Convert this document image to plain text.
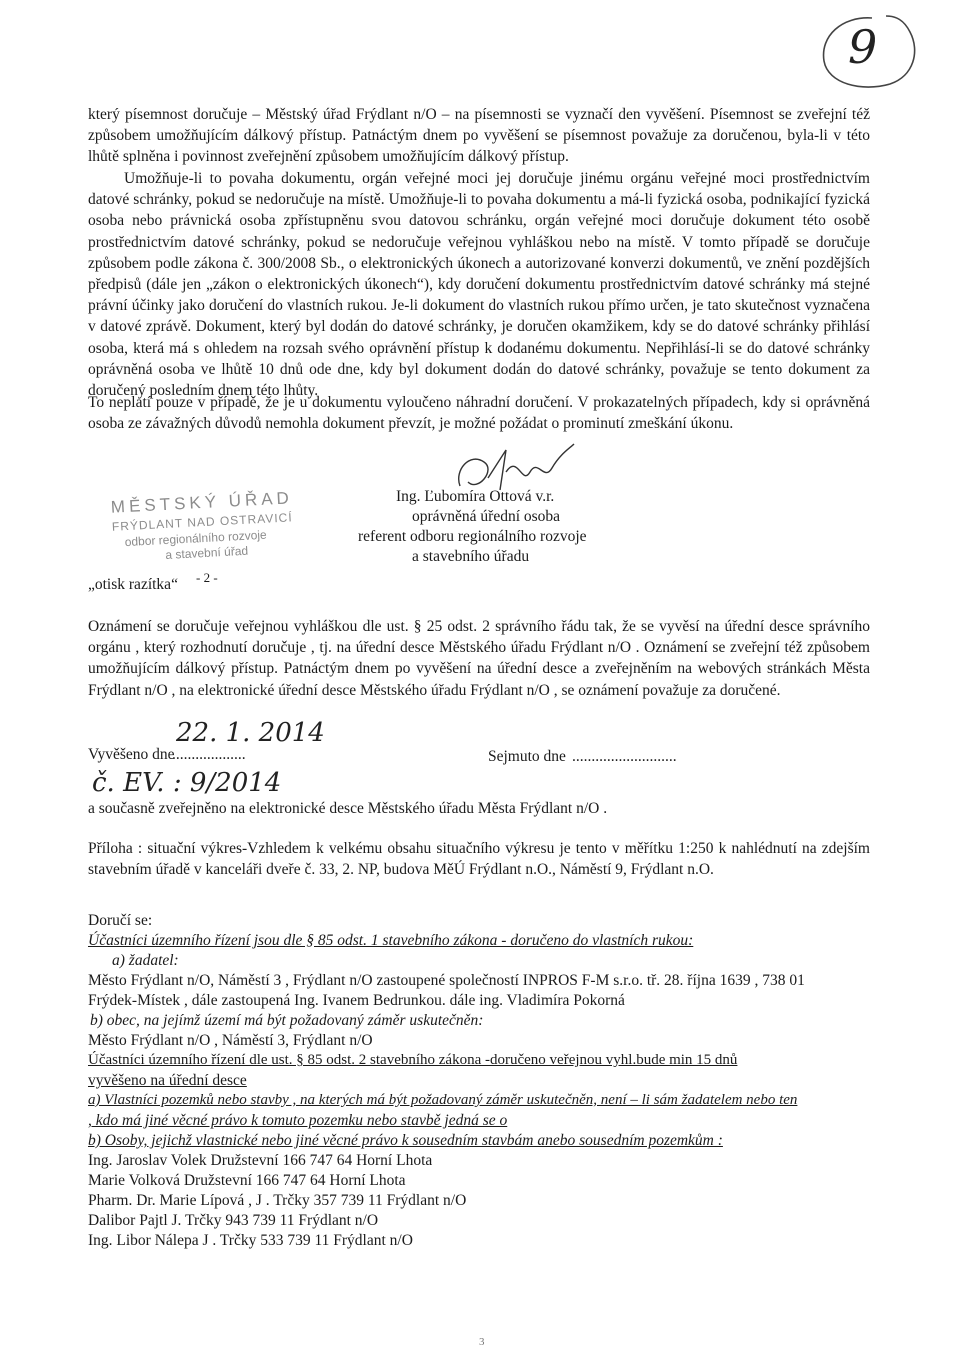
9

který písemnost doručuje – Městský úřad Frýdlant n/O – na písemnosti se vyznačí den vyvěšení. Písemnost se zveřejní též způsobem umožňujícím dálkový přístup. Patnáctým dnem po vyvěšení se písemnost považuje za doručenou, byla-li v této lhůtě splněna i povinnost zveřejnění způsobem umožňujícím dálkový přístup.

Umožňuje-li to povaha dokumentu, orgán veřejné moci jej doručuje jinému orgánu veřejné moci prostřednictvím datové schránky, pokud se nedoručuje na místě. Umožňuje-li to povaha dokumentu a má-li fyzická osoba, podnikající fyzická osoba nebo právnická osoba zpřístupněnu svou datovou schránku, orgán veřejné moci doručuje dokument této osobě prostřednictvím datové schránky, pokud se nedoručuje veřejnou vyhláškou nebo na místě. V tomto případě se doručuje způsobem podle zákona č. 300/2008 Sb., o elektronických úkonech a autorizované konverzi dokumentů, ve znění pozdějších předpisů (dále jen „zákon o elektronických úkonech“), kdy doručení dokumentu prostřednictvím datové schránky má stejné právní účinky jako doručení do vlastních rukou. Je-li dokument do vlastních rukou přímo určen, je tato skutečnost vyznačena v datové zprávě. Dokument, který byl dodán do datové schránky, je doručen okamžikem, kdy se do datové schránky přihlásí osoba, která má s ohledem na rozsah svého oprávnění přístup k dodanému dokumentu. Nepřihlásí-li se do datové schránky oprávněná osoba ve lhůtě 10 dnů ode dne, kdy byl dokument dodán do datové schránky, považuje se tento dokument za doručený posledním dnem této lhůty.

To neplatí pouze v případě, že je u dokumentu vyloučeno náhradní doručení. V prokazatelných případech, kdy si oprávněná osoba ze závažných důvodů nemohla dokument převzít, je možné požádat o prominutí zmeškání úkonu.

Ing. Ľubomíra Ottová v.r.
oprávněná úřední osoba
referent odboru regionálního rozvoje
a stavebního úřadu
MĚSTSKÝ ÚŘAD
FRÝDLANT NAD OSTRAVICÍ
odbor regionálního rozvoje
a stavební úřad
„otisk razítka“ - 2 -

Oznámení se doručuje veřejnou vyhláškou dle ust. § 25 odst. 2 správního řádu tak, že se vyvěsí na úřední desce správního orgánu , který rozhodnutí doručuje , tj. na úřední desce Městského úřadu Frýdlant n/O . Oznámení se zveřejní též způsobem umožňujícím dálkový přístup. Patnáctým dnem po vyvěšení na úřední desce a zveřejněním na webových stránkách Města Frýdlant n/O , na elektronické úřední desce Městského úřadu Frýdlant n/O , se oznámení považuje za doručené.

Vyvěšeno dne
...................
22. 1. 2014
Sejmuto dne ...........................
č. EV. : 9/2014
a současně zveřejněno na elektronické desce Městského úřadu Města Frýdlant n/O .

Příloha : situační výkres-Vzhledem k velkému obsahu situačního výkresu je tento v měřítku 1:250 k nahlédnutí na zdejším stavebním úřadě v kanceláři dveře č. 33, 2. NP, budova MěÚ Frýdlant n.O., Náměstí 9, Frýdlant n.O.

Doručí se:
Účastníci územního řízení jsou dle § 85 odst. 1 stavebního zákona - doručeno do vlastních rukou:
a) žadatel:
Město Frýdlant n/O, Náměstí 3 , Frýdlant n/O zastoupené společností INPROS F-M s.r.o. tř. 28. října 1639 , 738 01
Frýdek-Místek , dále zastoupená Ing. Ivanem Bedrunkou. dále ing. Vladimíra Pokorná
b) obec, na jejímž území má být požadovaný záměr uskutečněn:
Město Frýdlant n/O , Náměstí 3, Frýdlant n/O
Účastníci územního řízení dle ust. § 85 odst. 2 stavebního zákona -doručeno veřejnou vyhl.bude min 15 dnů
vyvěšeno na úřední desce
a) Vlastníci pozemků nebo stavby , na kterých má být požadovaný záměr uskutečněn, není – li sám žadatelem nebo ten
, kdo má jiné věcné právo k tomuto pozemku nebo stavbě jedná se o
b) Osoby, jejichž vlastnické nebo jiné věcné právo k sousedním stavbám anebo sousedním pozemkům :
Ing. Jaroslav Volek Družstevní 166 747 64 Horní Lhota
Marie Volková Družstevní 166 747 64 Horní Lhota
Pharm. Dr. Marie Lípová , J . Trčky 357 739 11 Frýdlant n/O
Dalibor Pajtl J. Trčky 943 739 11 Frýdlant n/O
Ing. Libor Nálepa J . Trčky 533 739 11 Frýdlant n/O
3
